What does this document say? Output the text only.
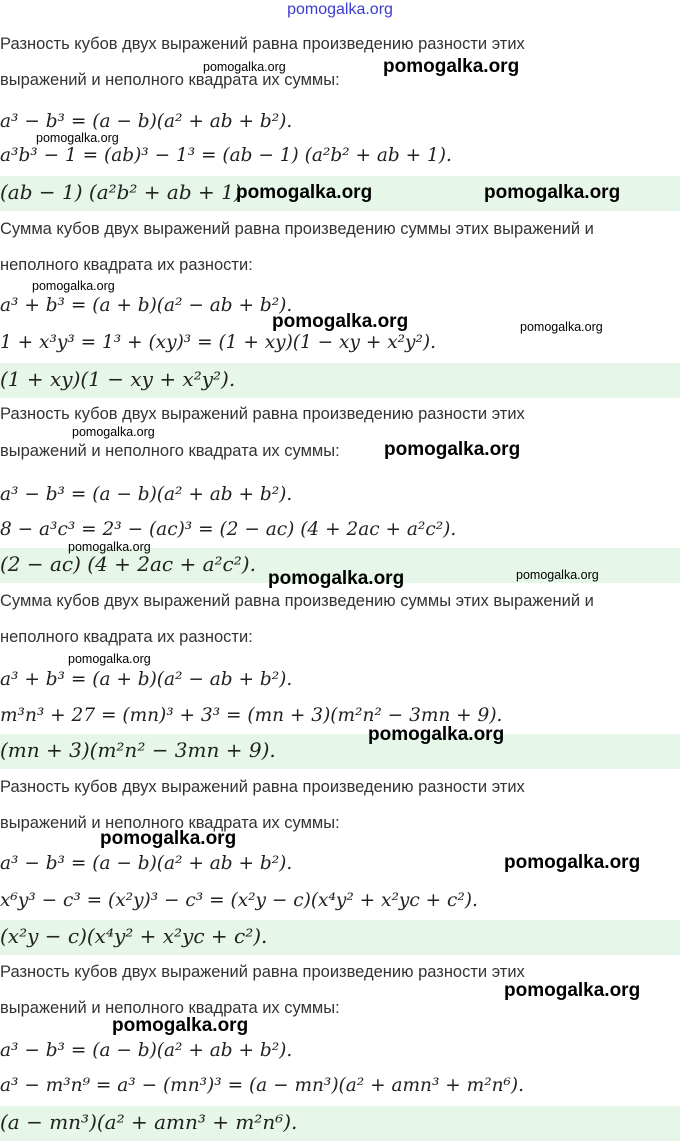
pomogalka.org
Разность кубов двух выражений равна произведению разности этих
выражений и неполного квадрата их суммы:
a³ − b³ = (a − b)(a² + ab + b²).
a³b³ − 1 = (ab)³ − 1³ = (ab − 1) (a²b² + ab + 1).
(ab − 1) (a²b² + ab + 1)
Сумма кубов двух выражений равна произведению суммы этих выражений и
неполного квадрата их разности:
a³ + b³ = (a + b)(a² − ab + b²).
1 + x³y³ = 1³ + (xy)³ = (1 + xy)(1 − xy + x²y²).
(1 + xy)(1 − xy + x²y²).
Разность кубов двух выражений равна произведению разности этих
выражений и неполного квадрата их суммы:
a³ − b³ = (a − b)(a² + ab + b²).
8 − a³c³ = 2³ − (ac)³ = (2 − ac) (4 + 2ac + a²c²).
(2 − ac) (4 + 2ac + a²c²).
Сумма кубов двух выражений равна произведению суммы этих выражений и
неполного квадрата их разности:
a³ + b³ = (a + b)(a² − ab + b²).
m³n³ + 27 = (mn)³ + 3³ = (mn + 3)(m²n² − 3mn + 9).
(mn + 3)(m²n² − 3mn + 9).
Разность кубов двух выражений равна произведению разности этих
выражений и неполного квадрата их суммы:
a³ − b³ = (a − b)(a² + ab + b²).
x⁶y³ − c³ = (x²y)³ − c³ = (x²y − c)(x⁴y² + x²yc + c²).
(x²y − c)(x⁴y² + x²yc + c²).
Разность кубов двух выражений равна произведению разности этих
выражений и неполного квадрата их суммы:
a³ − b³ = (a − b)(a² + ab + b²).
a³ − m³n⁹ = a³ − (mn³)³ = (a − mn³)(a² + amn³ + m²n⁶).
(a − mn³)(a² + amn³ + m²n⁶).
pomogalka.org	pomogalka.org
pomogalka.org
pomogalka.org	pomogalka.org
pomogalka.org
pomogalka.org	pomogalka.org
pomogalka.org
pomogalka.org
pomogalka.org
pomogalka.org	pomogalka.org
pomogalka.org
pomogalka.org
pomogalka.org
pomogalka.org
pomogalka.org
pomogalka.org
